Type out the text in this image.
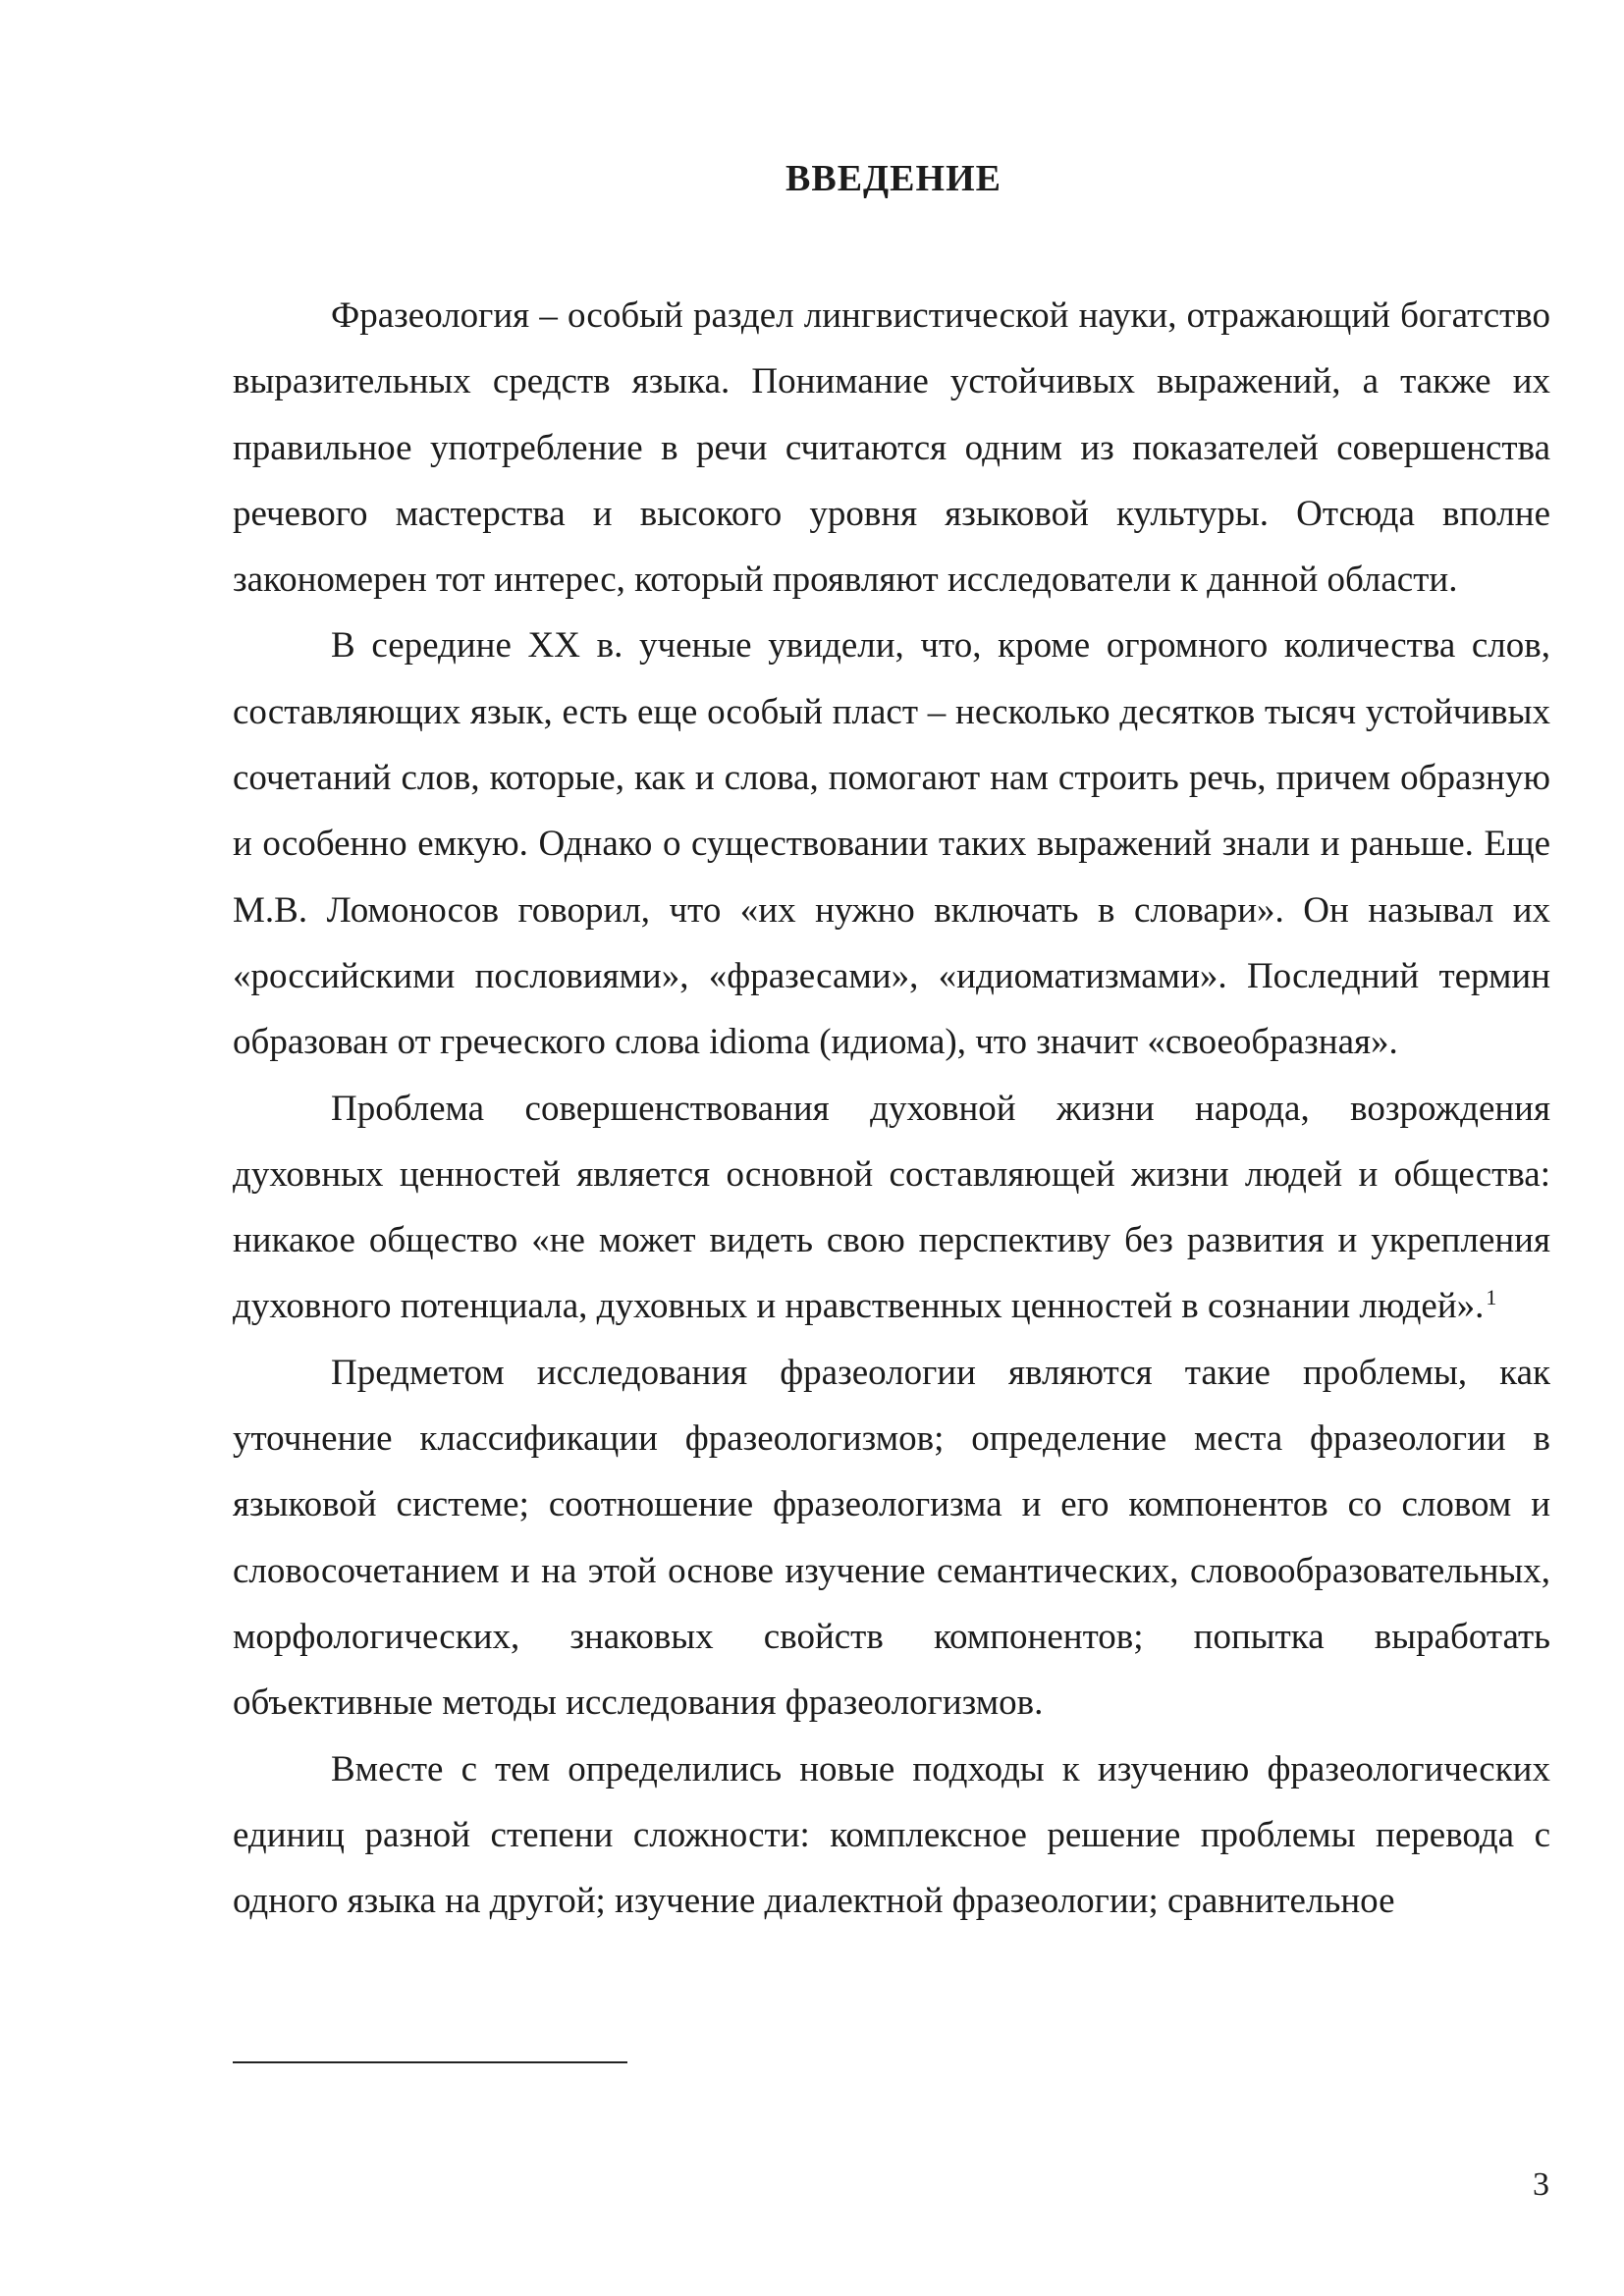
ВВЕДЕНИЕ

Фразеология – особый раздел лингвистической науки, отражающий богатство выразительных средств языка. Понимание устойчивых выражений, а также их правильное употребление в речи считаются одним из показателей совершенства речевого мастерства и высокого уровня языковой культуры. Отсюда вполне закономерен тот интерес, который проявляют исследователи к данной области.

В середине ХХ в. ученые увидели, что, кроме огромного количества слов, составляющих язык, есть еще особый пласт – несколько десятков тысяч устойчивых сочетаний слов, которые, как и слова, помогают нам строить речь, причем образную и особенно емкую. Однако о существовании таких выражений знали и раньше. Еще М.В. Ломоносов говорил, что «их нужно включать в словари». Он называл их «российскими пословиями», «фразесами», «идиоматизмами». Последний термин образован от греческого слова idioma (идиома), что значит «своеобразная».

Проблема совершенствования духовной жизни народа, возрождения духовных ценностей является основной составляющей жизни людей и общества: никакое общество «не может видеть свою перспективу без развития и укрепления духовного потенциала, духовных и нравственных ценностей в сознании людей».$^1$

Предметом исследования фразеологии являются такие проблемы, как уточнение классификации фразеологизмов; определение места фразеологии в языковой системе; соотношение фразеологизма и его компонентов со словом и словосочетанием и на этой основе изучение семантических, словообразовательных, морфологических, знаковых свойств компонентов; попытка выработать объективные методы исследования фразеологизмов.

Вместе с тем определились новые подходы к изучению фразеологических единиц разной степени сложности: комплексное решение проблемы перевода с одного языка на другой; изучение диалектной фразеологии; сравнительное

3
